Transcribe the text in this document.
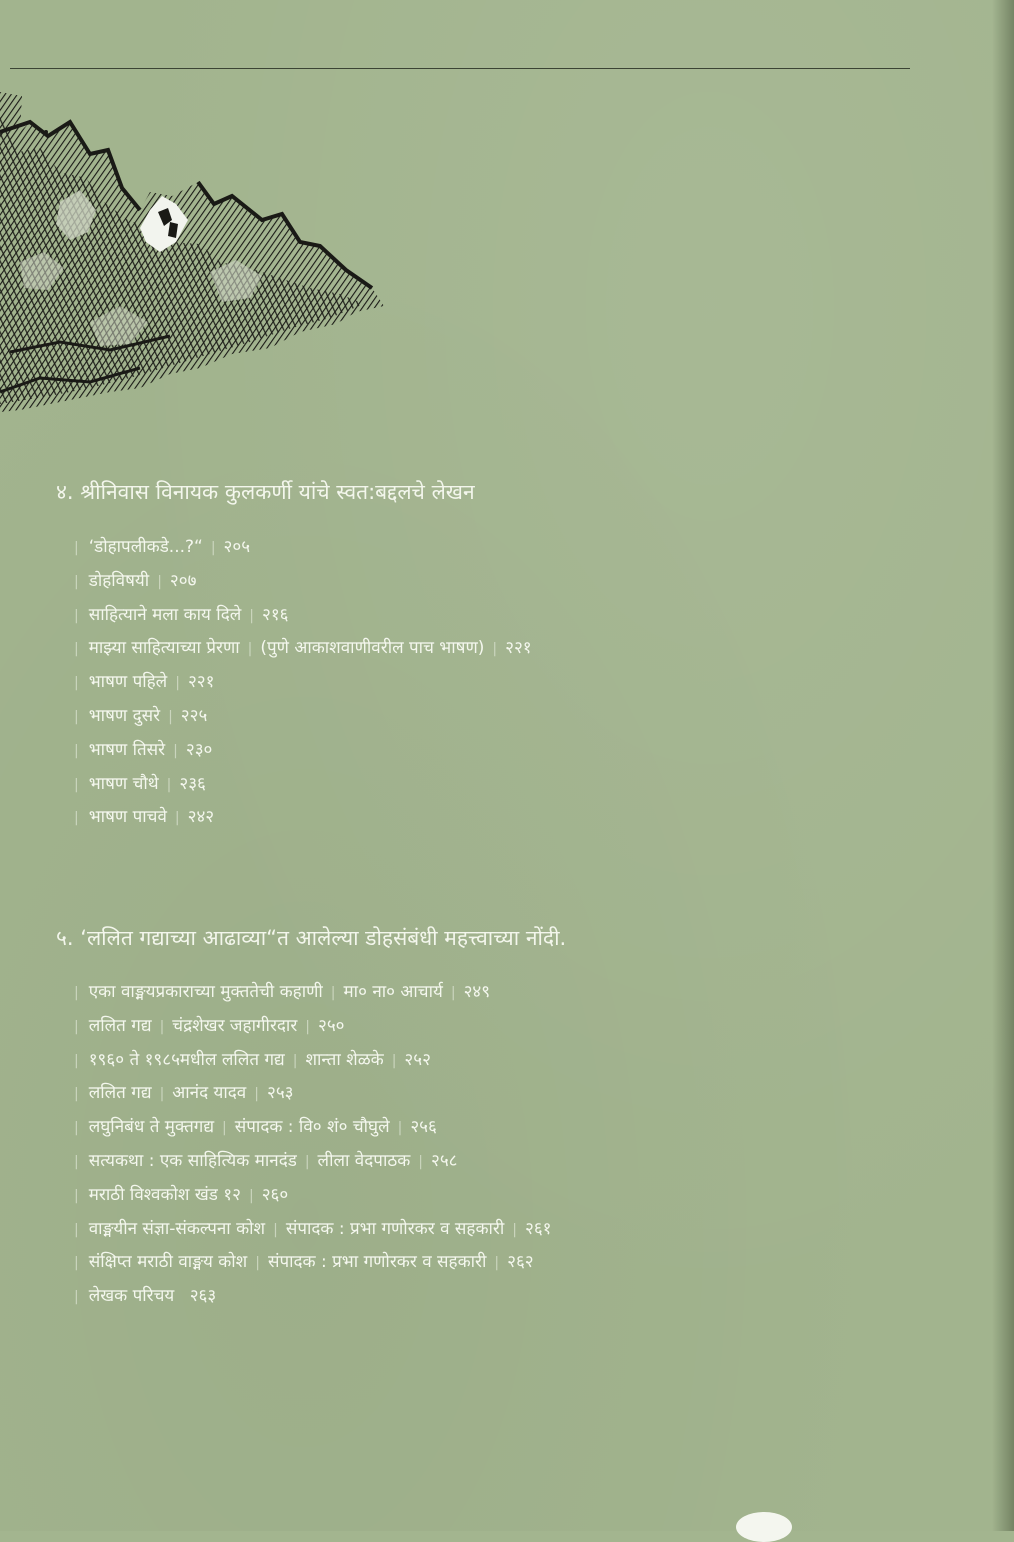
४. श्रीनिवास विनायक कुलकर्णी यांचे स्वत:बद्दलचे लेखन
| ‘डोहापलीकडे...?“ | २०५
| डोहविषयी | २०७
| साहित्याने मला काय दिले | २१६
| माझ्या साहित्याच्या प्रेरणा | (पुणे आकाशवाणीवरील पाच भाषण) | २२१
| भाषण पहिले | २२१
| भाषण दुसरे | २२५
| भाषण तिसरे | २३०
| भाषण चौथे | २३६
| भाषण पाचवे | २४२
५. ‘ललित गद्याच्या आढाव्या“त आलेल्या डोहसंबंधी महत्त्वाच्या नोंदी.
| एका वाङ्मयप्रकाराच्या मुक्ततेची कहाणी | मा० ना० आचार्य | २४९
| ललित गद्य | चंद्रशेखर जहागीरदार | २५०
| १९६० ते १९८५मधील ललित गद्य | शान्ता शेळके | २५२
| ललित गद्य | आनंद यादव | २५३
| लघुनिबंध ते मुक्तगद्य | संपादक : वि० शं० चौघुले | २५६
| सत्यकथा : एक साहित्यिक मानदंड | लीला वेदपाठक | २५८
| मराठी विश्वकोश खंड १२ | २६०
| वाङ्मयीन संज्ञा-संकल्पना कोश | संपादक : प्रभा गणोरकर व सहकारी | २६१
| संक्षिप्त मराठी वाङ्मय कोश | संपादक : प्रभा गणोरकर व सहकारी | २६२
| लेखक परिचय २६३
